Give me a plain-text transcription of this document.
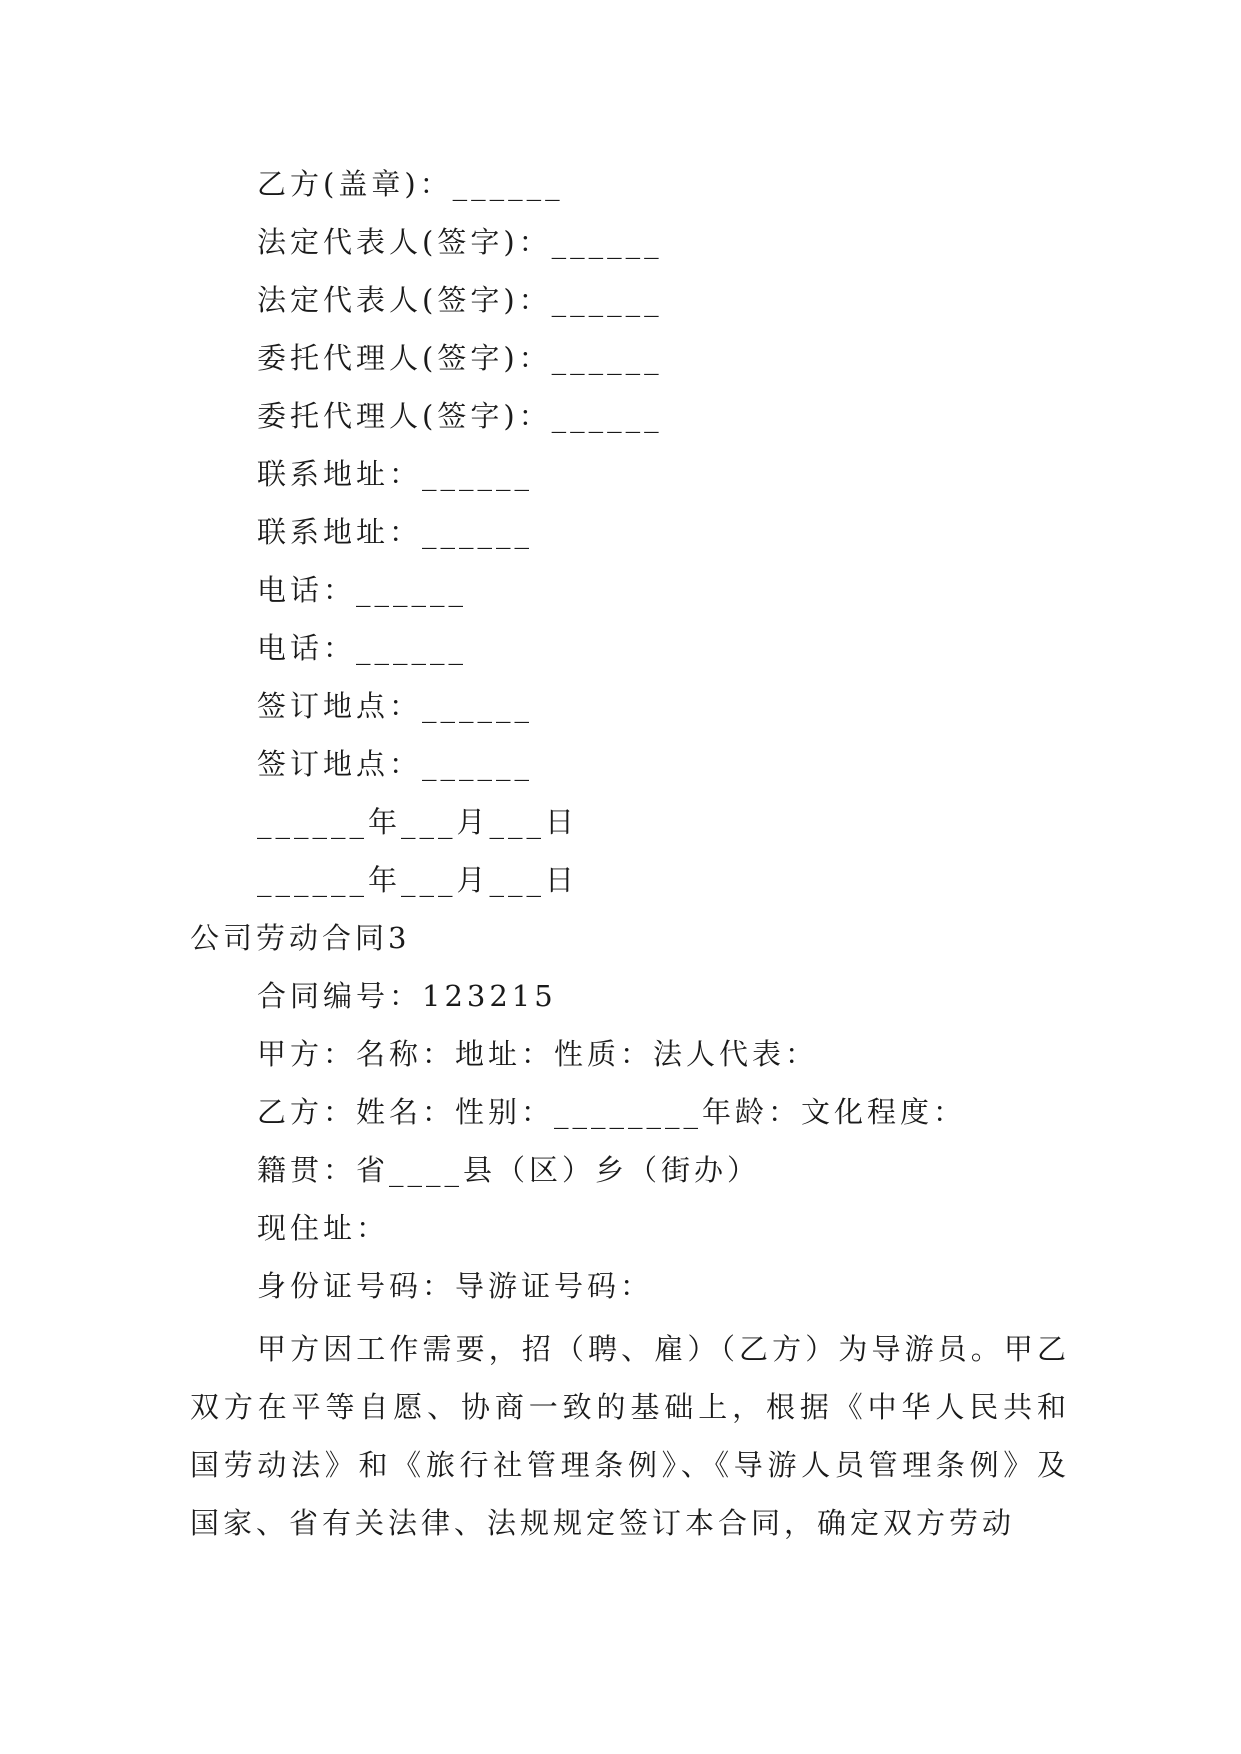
乙方(盖章)：______
法定代表人(签字)：______
法定代表人(签字)：______
委托代理人(签字)：______
委托代理人(签字)：______
联系地址：______
联系地址：______
电话：______
电话：______
签订地点：______
签订地点：______
______年___月___日
______年___月___日
公司劳动合同3
合同编号：123215
甲方：名称：地址：性质：法人代表：
乙方：姓名：性别：________年龄：文化程度：
籍贯：省____县（区）乡（街办）
现住址：
身份证号码：导游证号码：
甲方因工作需要，招（聘、雇）（乙方）为导游员。甲乙双方在平等自愿、协商一致的基础上，根据《中华人民共和国劳动法》和《旅行社管理条例》、《导游人员管理条例》及国家、省有关法律、法规规定签订本合同，确定双方劳动
